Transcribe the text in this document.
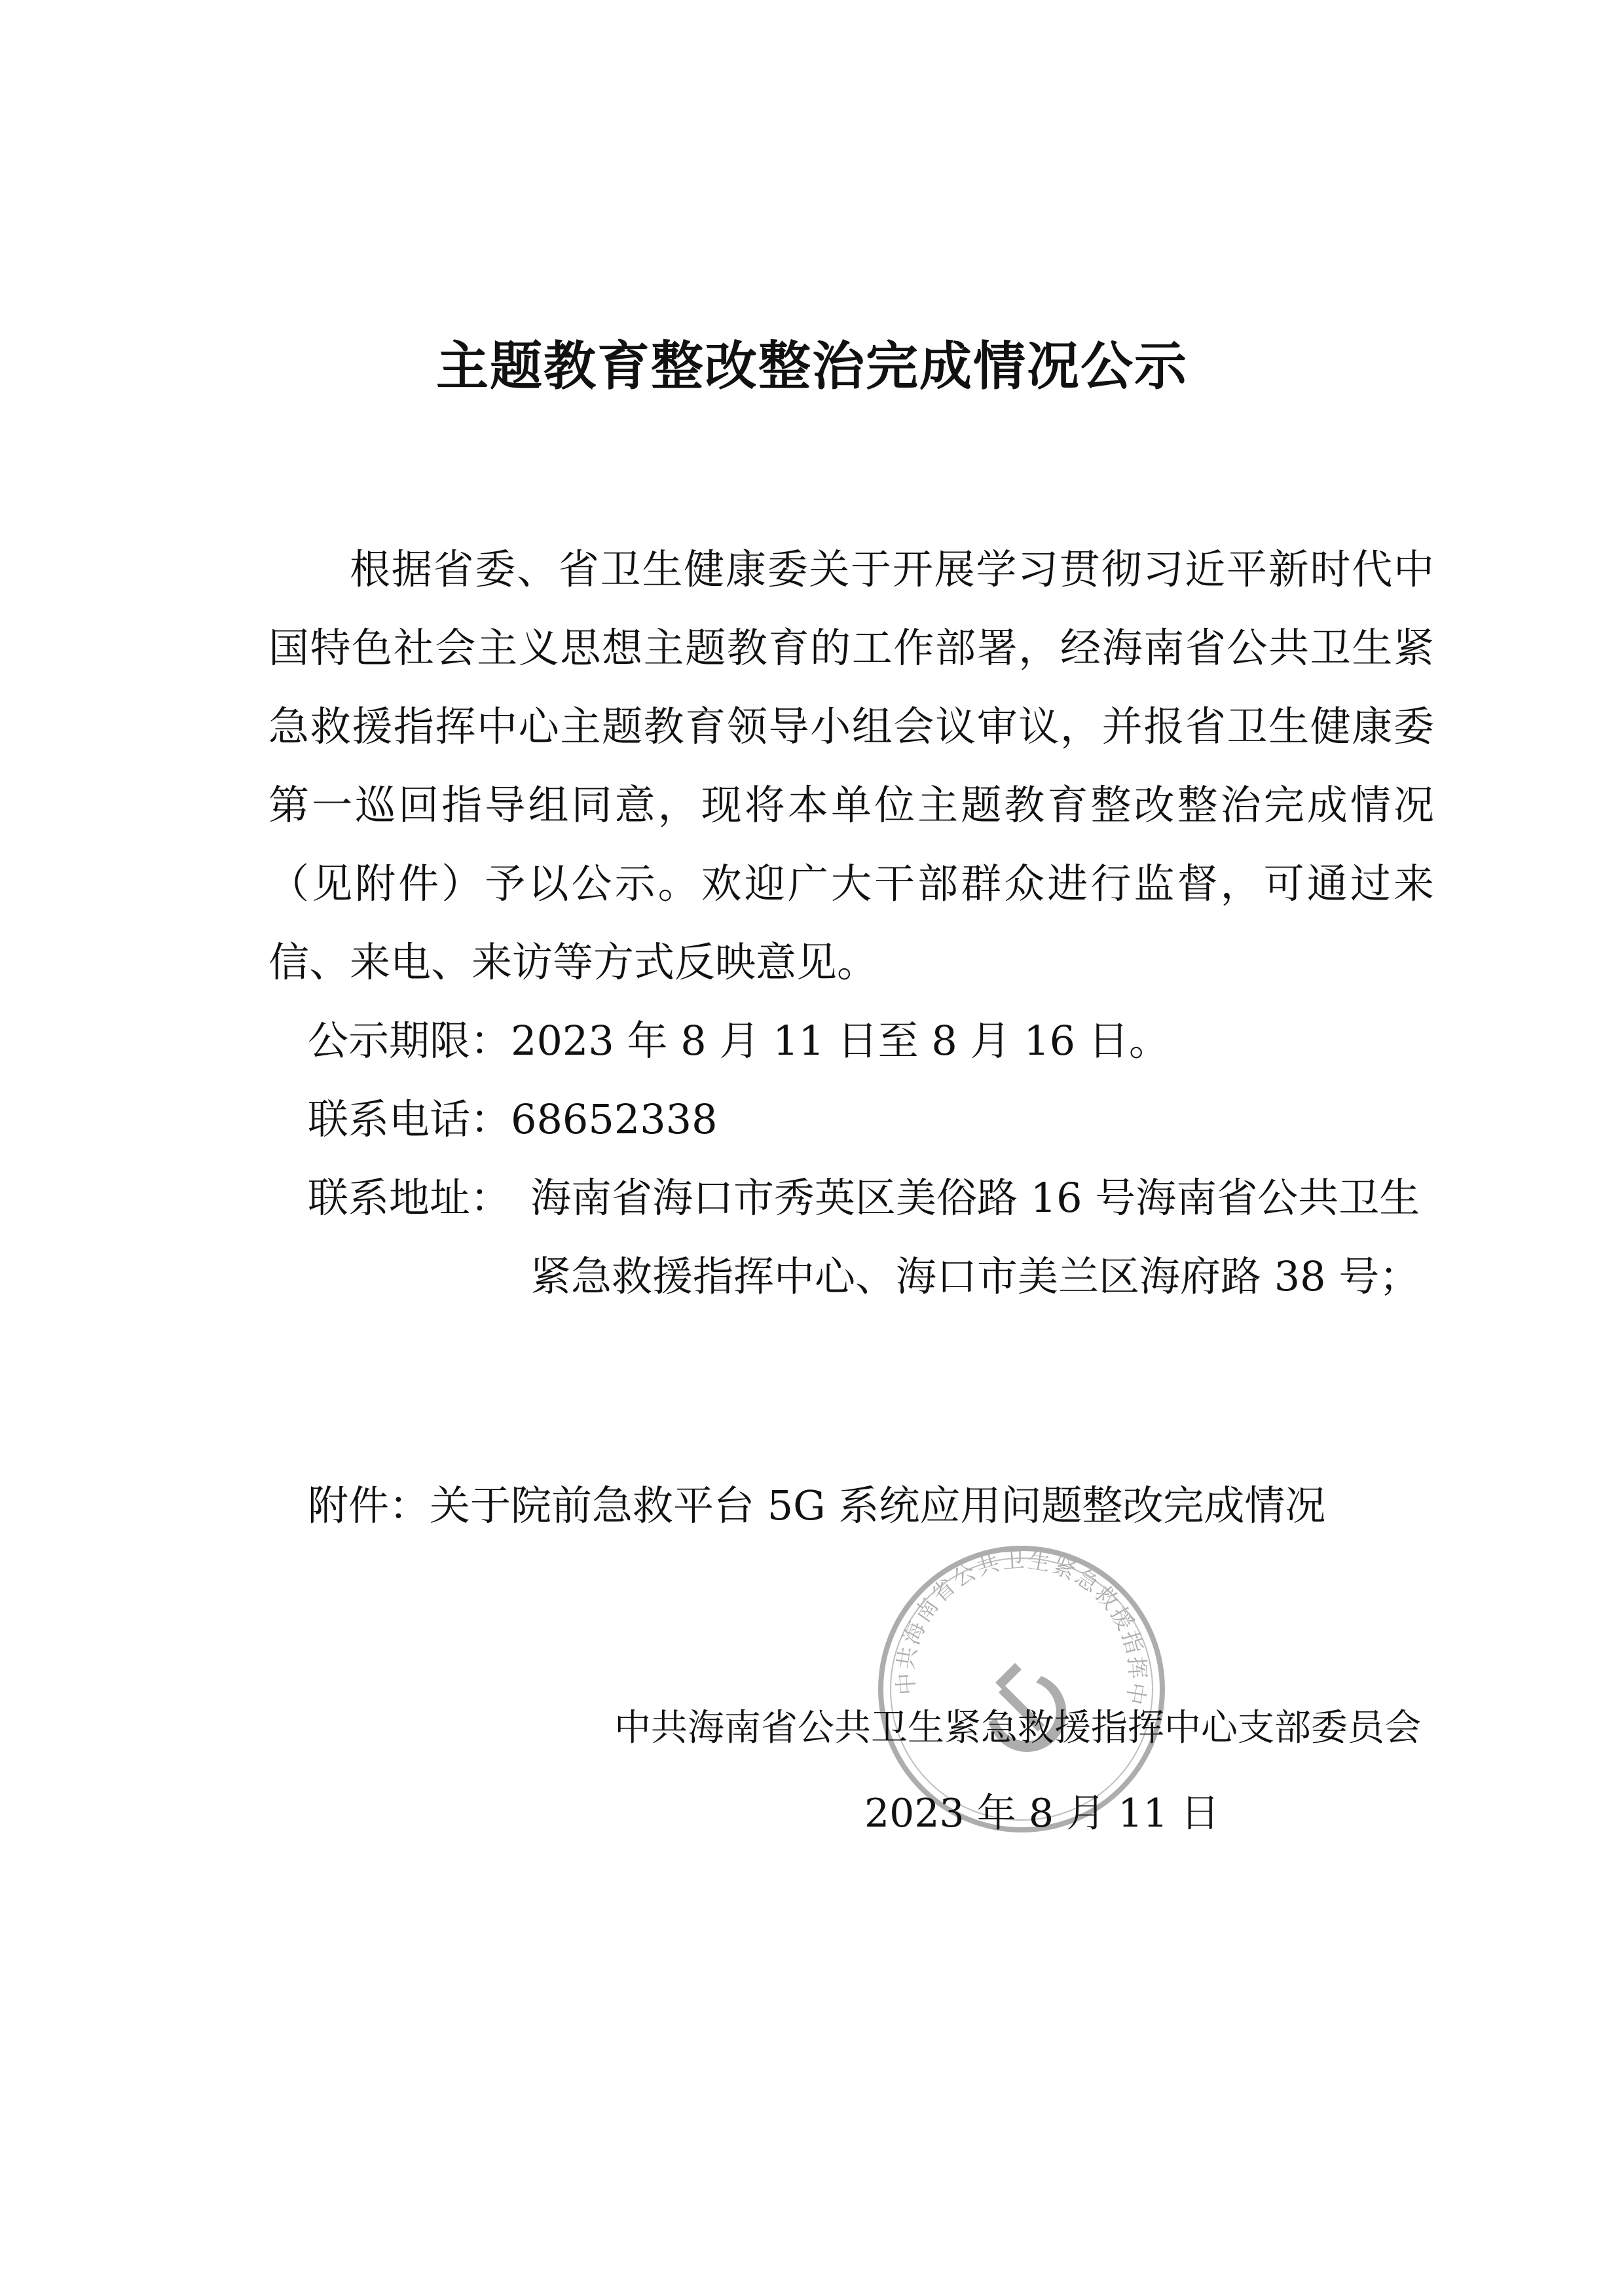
主题教育整改整治完成情况公示

根据省委、省卫生健康委关于开展学习贯彻习近平新时代中国特色社会主义思想主题教育的工作部署，经海南省公共卫生紧急救援指挥中心主题教育领导小组会议审议，并报省卫生健康委第一巡回指导组同意，现将本单位主题教育整改整治完成情况（见附件）予以公示。欢迎广大干部群众进行监督，可通过来信、来电、来访等方式反映意见。

公示期限：2023 年 8 月 11 日至 8 月 16 日。
联系电话：68652338
联系地址： 海南省海口市秀英区美俗路 16 号海南省公共卫生紧急救援指挥中心、海口市美兰区海府路 38 号；
附件：关于院前急救平台 5G 系统应用问题整改完成情况
中共海南省公共卫生紧急救援指挥中
中共海南省公共卫生紧急救援指挥中心支部委员会
2023 年 8 月 11 日
